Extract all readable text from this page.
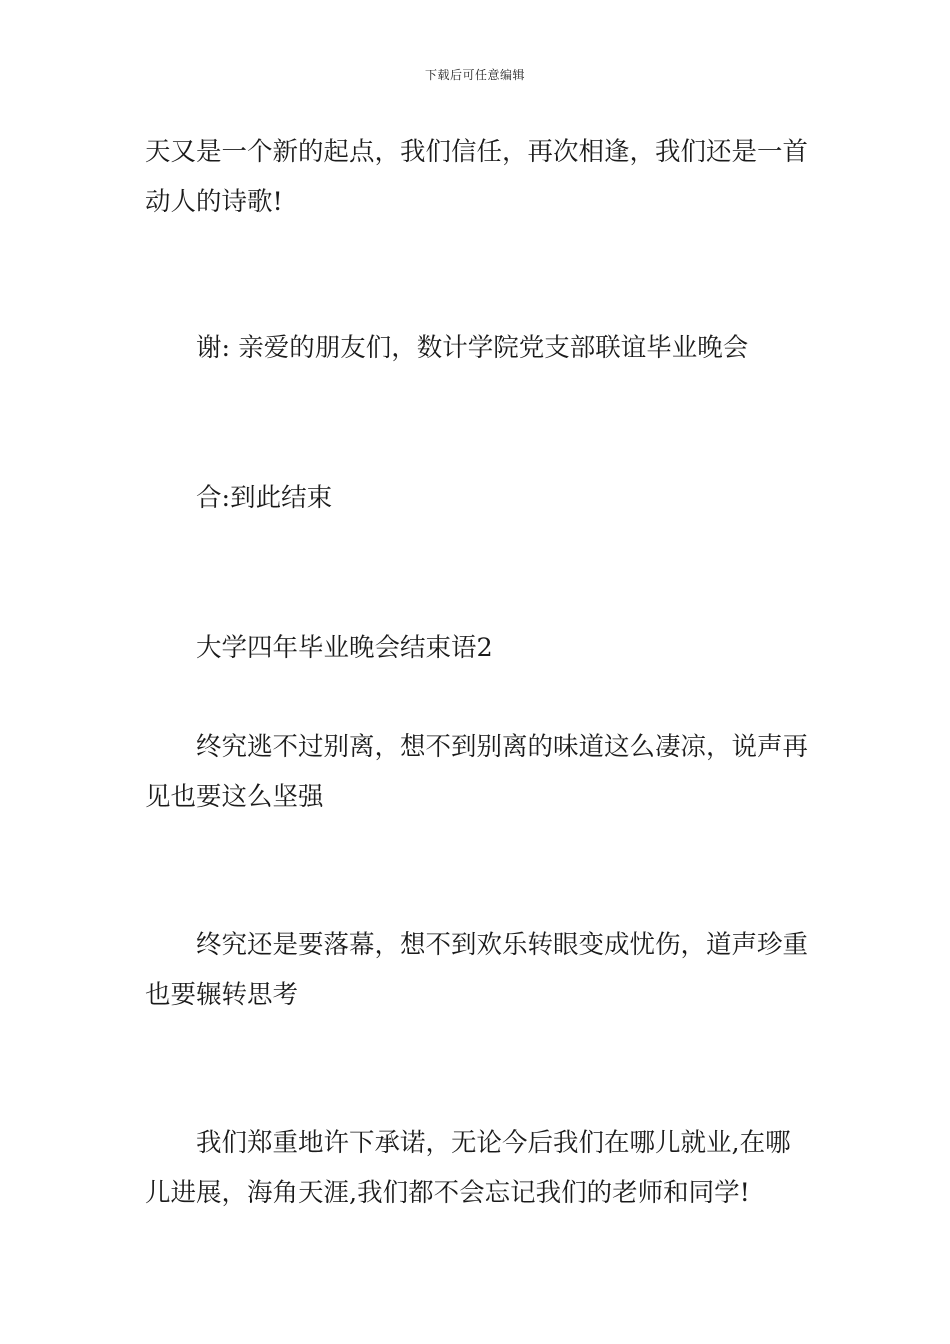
下载后可任意编辑

天又是一个新的起点，我们信任，再次相逢，我们还是一首动人的诗歌!

谢: 亲爱的朋友们，数计学院党支部联谊毕业晚会

合:到此结束

大学四年毕业晚会结束语2

终究逃不过别离，想不到别离的味道这么凄凉，说声再见也要这么坚强

终究还是要落幕，想不到欢乐转眼变成忧伤，道声珍重也要辗转思考

我们郑重地许下承诺，无论今后我们在哪儿就业,在哪儿进展，海角天涯,我们都不会忘记我们的老师和同学!
